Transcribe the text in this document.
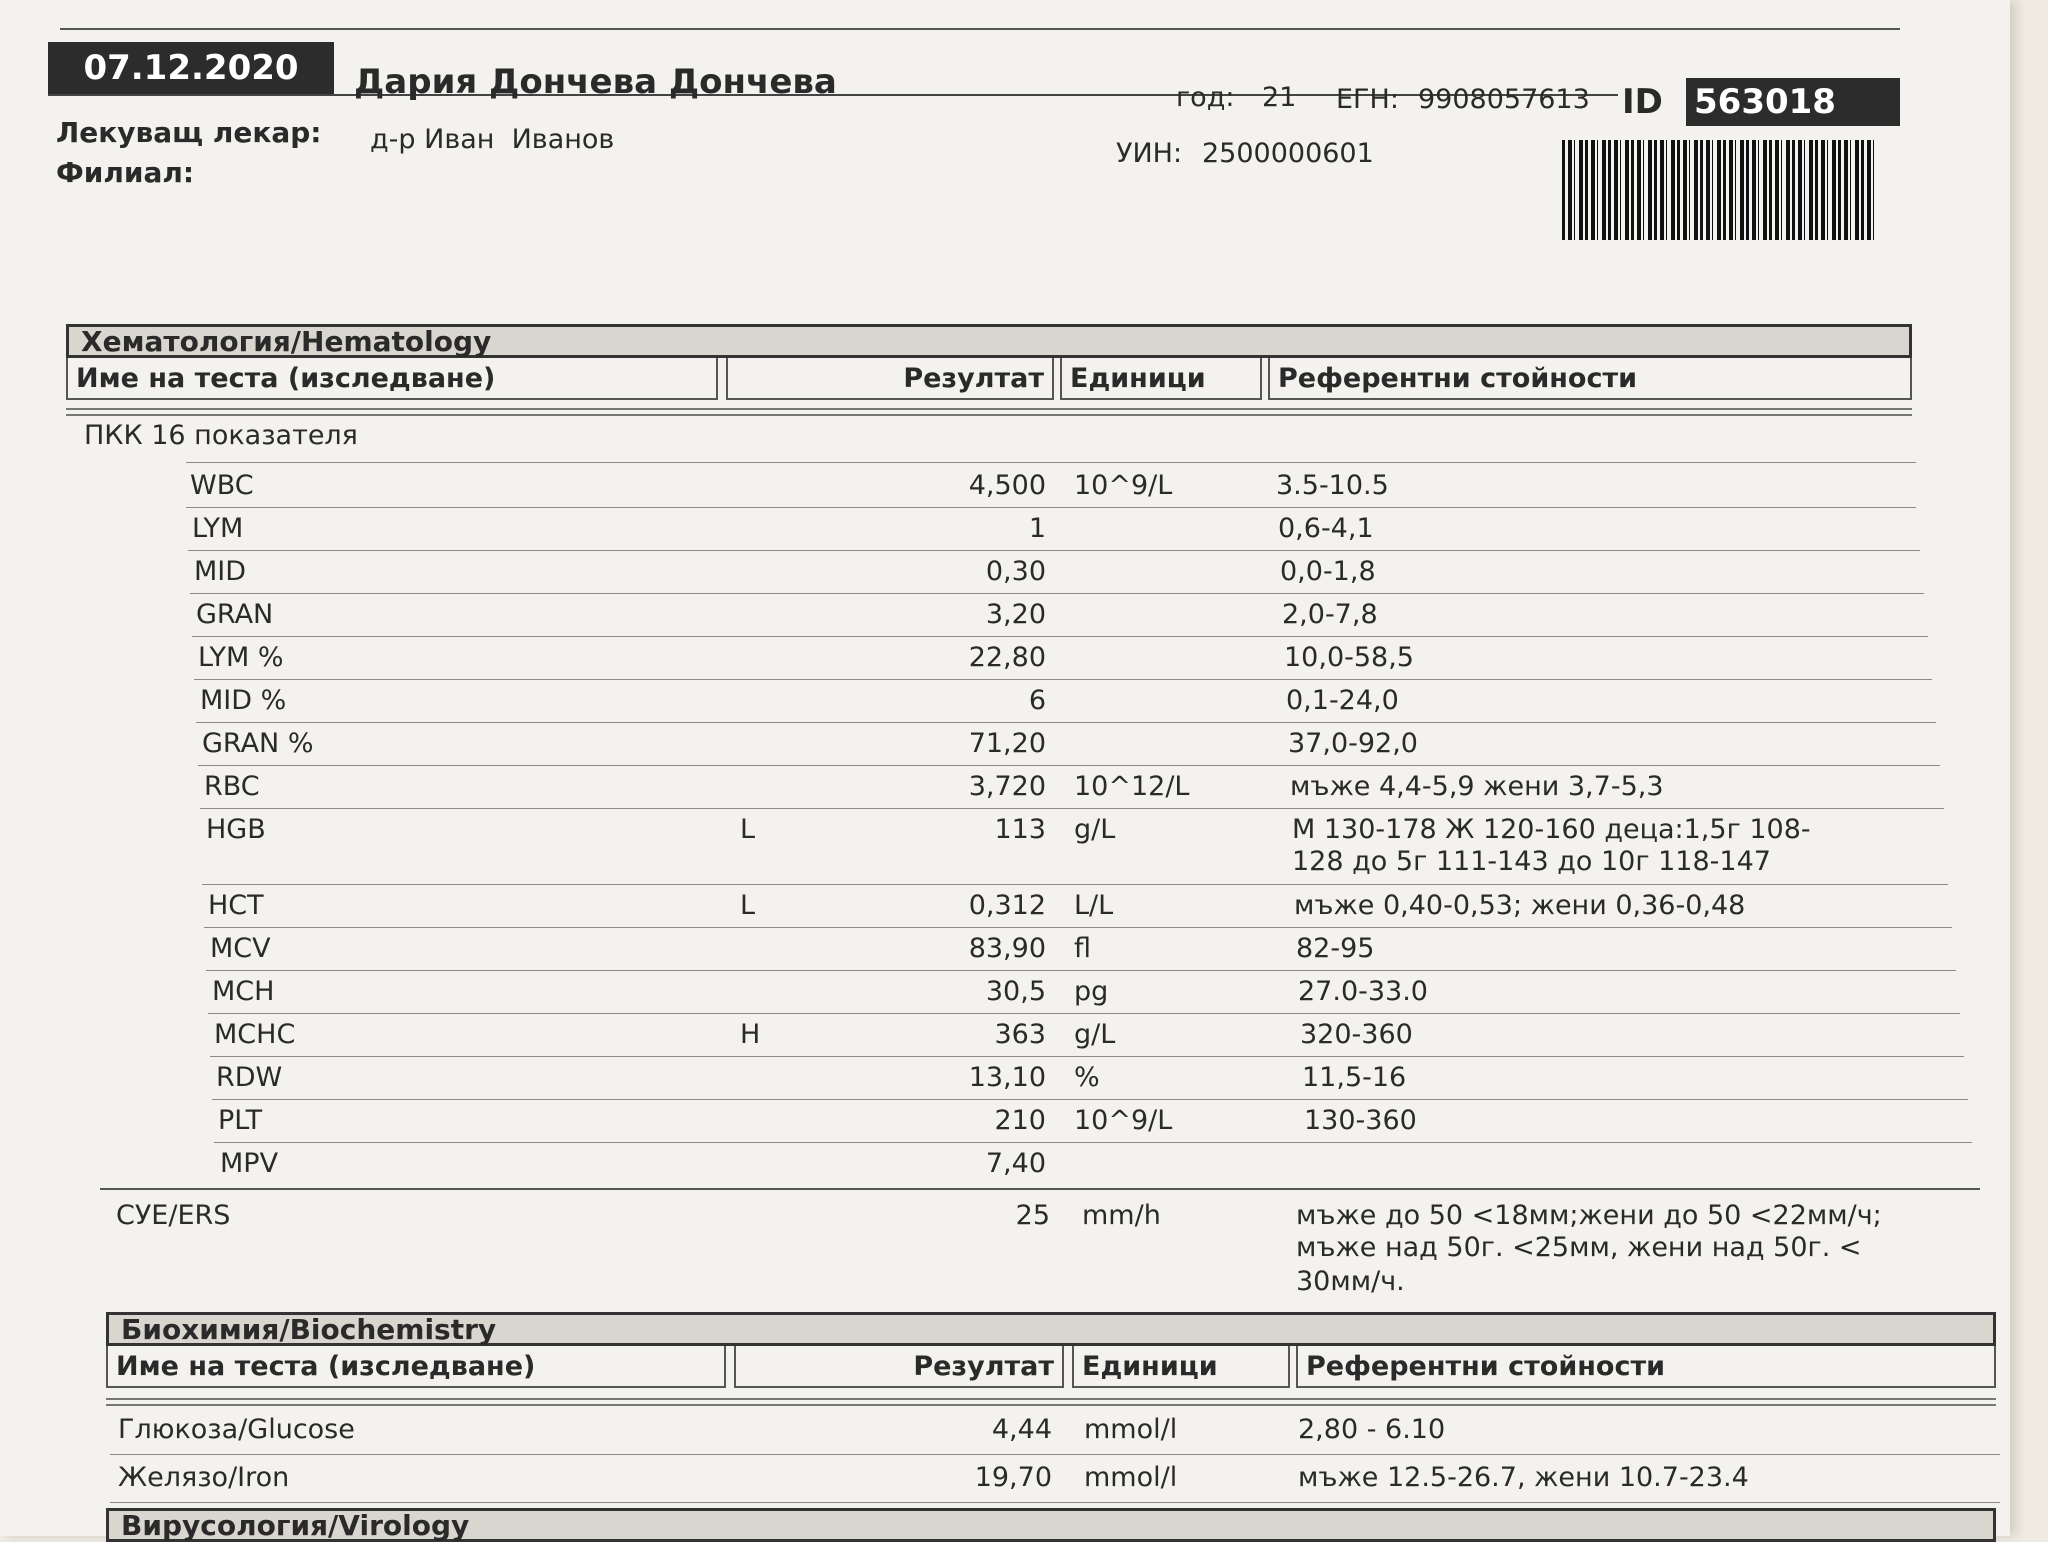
07.12.2020	Дария Дончева Дончева	год: 21 ЕГН: 9908057613 ID 563018
Лекуващ лекар: д-р Иван  Иванов
Филиал:
УИН: 2500000601
Хематология/Hematology
Име на теста (изследване)	Резултат Единици	Референтни стойности
ПКК 16 показателя
WBC	4,500 10^9/L	3.5-10.5
LYM	1	0,6-4,1
MID	0,30	0,0-1,8
GRAN	3,20	2,0-7,8
LYM %	22,80	10,0-58,5
MID %	6	0,1-24,0
GRAN %	71,20	37,0-92,0
RBC	3,720 10^12/L	мъже 4,4-5,9 жени 3,7-5,3
HGB	L	113 g/L	М 130-178 Ж 120-160 деца:1,5г 108-
128 до 5г 111-143 до 10г 118-147
HCT	L	0,312 L/L	мъже 0,40-0,53; жени 0,36-0,48
MCV	83,90 fl	82-95
MCH	30,5 pg	27.0-33.0
MCHC	H	363 g/L	320-360
RDW	13,10 %	11,5-16
PLT	210 10^9/L	130-360
MPV	7,40
СУЕ/ERS	25 mm/h	мъже до 50 <18мм;жени до 50 <22мм/ч;
мъже над 50г. <25мм, жени над 50г. <
30мм/ч.
Биохимия/Biochemistry
Име на теста (изследване)	Резултат	Единици	Референтни стойности
Глюкоза/Glucose	4,44 mmol/l	2,80 - 6.10
Желязо/Iron	19,70 mmol/l	мъже 12.5-26.7, жени 10.7-23.4
Вирусология/Virology
